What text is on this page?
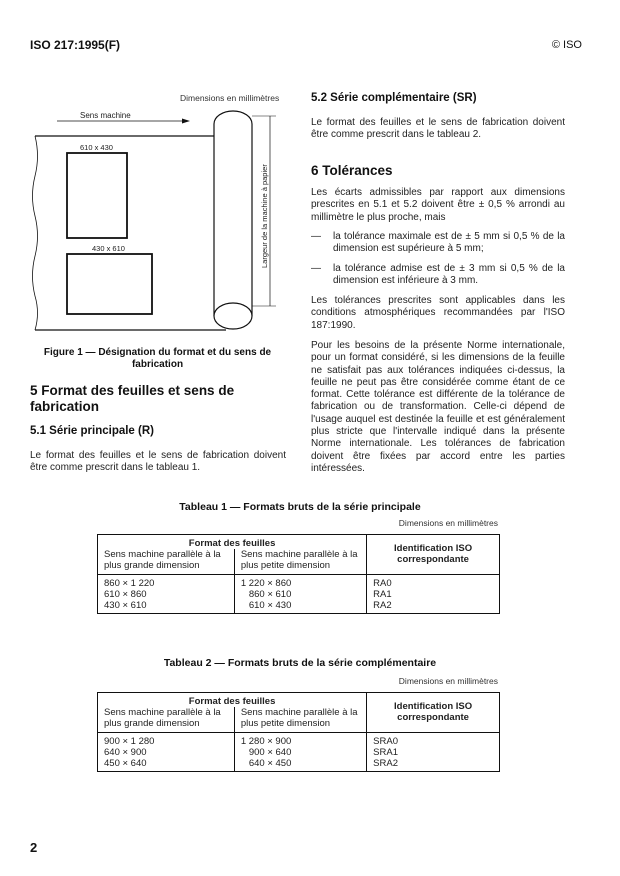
ISO 217:1995(F)	© ISO
Dimensions en millimètres
Sens machine
610 x 430
430 x 610	Largeur de la machine à papier
Figure 1 — Désignation du format et du sens de fabrication
5 Format des feuilles et sens de fabrication
5.1 Série principale (R)
Le format des feuilles et le sens de fabrication doivent être comme prescrit dans le tableau 1.
5.2 Série complémentaire (SR)
Le format des feuilles et le sens de fabrication doivent être comme prescrit dans le tableau 2.
6 Tolérances
Les écarts admissibles par rapport aux dimensions prescrites en 5.1 et 5.2 doivent être ± 0,5 % arrondi au millimètre le plus proche, mais
—	la tolérance maximale est de ± 5 mm si 0,5 % de la dimension est supérieure à 5 mm;
—	la tolérance admise est de ± 3 mm si 0,5 % de la dimension est inférieure à 3 mm.
Les tolérances prescrites sont applicables dans les conditions atmosphériques recommandées par l'ISO 187:1990.
Pour les besoins de la présente Norme internationale, pour un format considéré, si les dimensions de la feuille ne satisfait pas aux tolérances indiquées ci-dessus, la feuille ne peut pas être considérée comme étant de ce format. Cette tolérance est différente de la tolérance de fabrication ou de transformation. Celle-ci dépend de l'usage auquel est destinée la feuille et est généralement plus stricte que l'intervalle indiqué dans la présente Norme internationale. Les tolérances de fabrication doivent être fixées par accord entre les parties intéressées.
Tableau 1 — Formats bruts de la série principale
Dimensions en millimètres
Format des feuilles		Identification ISO correspondante
Sens machine parallèle à la plus grande dimension	Sens machine parallèle à la plus petite dimension	
860 × 1 220	1 220 × 860	RA0
610 × 860	860 × 610	RA1
430 × 610	610 × 430	RA2
Tableau 2 — Formats bruts de la série complémentaire
Dimensions en millimètres
Format des feuilles		Identification ISO correspondante
Sens machine parallèle à la plus grande dimension	Sens machine parallèle à la plus petite dimension	
900 × 1 280	1 280 × 900	SRA0
640 × 900	900 × 640	SRA1
450 × 640	640 × 450	SRA2
2
